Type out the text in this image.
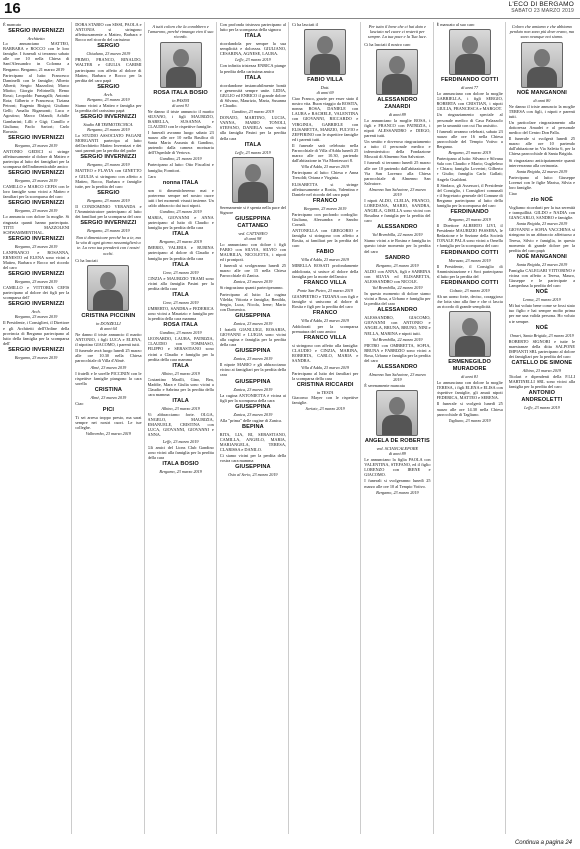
16	L'ECO DI BERGAMO
SABATO 23 MARZO 2019
È mancato
SERGIO INVERNIZZI
Architetto
Lo annunciano MATTEO, BARBARA e ROCCO con le loro famiglie. I funerali si terranno sabato alle ore 10 nella Chiesa di Sant'Alessandro in Colonna a Bergamo. Bergamo, 21 marzo 2019
Partecipano al lutto: Francesco Daminelli con le famiglie; Alberto Alberti; Sergio Mazzolini; Marco Miotto; Giorgio Feltrinelli; Remo Rossi; Leopoldo Fumagalli; Antonio Rota; Gilberto e Francesca; Tiziana Petroni; Eugenio Bisigni; Giuliano Gelli; Amalia Rigamonti; Luca e Agostino; Marco Orlandi; Achille Gambarini; Lilli e Gigi; Camillo e Giuliana; Paolo Sartori; Carlo Ravasio.
SERGIO INVERNIZZI
Bergamo, 23 marzo 2019
ANTONIO GEDICI si stringe affettuosamente al dolore di Matteo e partecipa al lutto dei famigliari per la scomparsa dell'indimenticabile amico
SERGIO INVERNIZZI
Bergamo, 23 marzo 2019
CAMILLO e MARCO CEFIS con le loro famiglie sono vicini a Matteo e familiari per la scomparsa del caro
SERGIO INVERNIZZI
Bergamo, 23 marzo 2019
Lo annuncia con dolore la moglie. Si ringrazia quanti hanno partecipato. TITTI MAZZOLENI SCHWAMMENTHAL.
SERGIO INVERNIZZI
Bergamo, 23 marzo 2019
LANFRANCO e ROSANNA, ERNESTO ed ELENA sono vicini a Matteo, Barbara e Rocco nel ricordo del caro
SERGIO INVERNIZZI
Bergamo, 23 marzo 2019
CAMILLO e VITTORIA CEFIS partecipano al dolore dei figli per la scomparsa dell'
SERGIO INVERNIZZI
Arch.
Bergamo, 23 marzo 2019
Il Presidente, i Consiglieri, il Direttore e gli Architetti dell'Ordine della provincia di Bergamo partecipano al lutto della famiglia per la scomparsa dell'
SERGIO INVERNIZZI
Bergamo, 23 marzo 2019
DORA STABIO con SISSI, PAOLA e ANTONIA si stringono affettuosamente a Matteo, Barbara e Rocco nel ricordo del carissimo
SERGIO
Chiuduno, 23 marzo 2019
PRIMO, FRANCO, RINALDO, WALTER e GIULIA CARIMI partecipano con affetto al dolore di Matteo, Barbara e Rocco per la perdita del caro papà
SERGIO
Arch.
Bergamo, 23 marzo 2019
Siamo vicini a Matteo e famiglia per la perdita del carissimo papà
SERGIO INVERNIZZI
Studio AB TERMOTECNICA. Bergamo, 23 marzo 2019
Lo STUDIO ASSOCIATO PAGANI MORGANTI partecipa al lutto dell'architetto Matteo Invernizzi e dei suoi parenti per la perdita del padre
SERGIO INVERNIZZI
Bergamo, 23 marzo 2019
MATTEO e FLAVIA con GINETTO e GIULIA si stringono con affetto a Matteo, Rocco, Barbara e famiglie tutte, per la perdita del caro
SERGIO
Bergamo, 23 marzo 2019
Il CONDOMINIO VERANDA e l'Amministratore partecipano al lutto dei familiari per la scomparsa del caro
SERGIO INVERNIZZI
Bergamo, 23 marzo 2019
Non ti dimenticare perché ho a te, ma la vita di ogni giorno rassomiglierà a te. La vera tua prenderà con i nostri occhi.
Ci ha lasciati
CRISTINA PICCININ
in DONZELLI
di anni 64
Ne danno il triste annuncio il marito ANTONIO, i figli LUCA e ELENA, il nipotino GIACOMO, i parenti tutti.
Il funerale avrà luogo lunedì 25 marzo alle ore 10.30 nella Chiesa parrocchiale di Villa d'Almè.
Almè, 23 marzo 2019
I fratelli e le sorelle PICCININ con le rispettive famiglie piangono la cara sorella
CRISTINA
Almè, 23 marzo 2019
Ciao
PICI
Ti sei arresa troppo presto, ma sarai sempre nei nostri cuori. Le tue colleghe.
Valbrembo, 23 marzo 2019
A tutti coloro che la conobbero e l'amarono, perché rimanga vivo il suo ricordo.
ROSA ITALA BOSIO
in PASINI
di anni 91
Ne danno il triste annuncio il marito SILVANO, i figli MAURIZIO, ISABELLA, SUSANNA e CLAUDIO con le rispettive famiglie.
I funerali avranno luogo sabato 23 marzo alle ore 10 nella Basilica di Santa Maria Assunta di Gandino, partendo dalla camera mortuaria dell'Ospedale di Vertova.
Gandino, 21 marzo 2019
Partecipano al lutto: Otto Fiscalini e famiglia; Fornitori.
Cara
nonna ITALA
non ti dimenticheremo mai e porteremo sempre nel nostro cuore tutti i bei momenti vissuti insieme. Un caldo abbraccio dai tuoi nipoti.
Gandino, 23 marzo 2019
MARIA, GIOVANNI e ANNA partecipano al lutto di Claudio e famiglia per la perdita della cara
ITALA
Bergamo, 23 marzo 2019
IMERIO, VALERIA e RUBINA partecipano al dolore di Claudio e famiglia per la perdita della cara
ITALA
Cene, 23 marzo 2019
CINZIA e MAURIZIO TRAMI sono vicini alla famiglia Pasini per la perdita della cara
ITALA
Cene, 23 marzo 2019
UMBERTO, SANDRA e FEDERICA sono vicini a Maurizio e famiglia per la perdita della cara mamma
ROSA ITALA
Gandino, 23 marzo 2019
LEONARDO, LAURA, PATRIZIA, CLAUDIO con TOMMASO, FILIPPO e SEBASTIANO sono vicini a Claudio e famiglia per la perdita della cara mamma
ITALA
Albino, 23 marzo 2019
Costantino Marilli, Gino, Bea, Maddie, Mara e Giulia sono vicini a Claudio e Sabrina per la perdita della cara mamma
ITALA
Albino, 23 marzo 2019
Vi abbracciamo forte. OLGA, ANGELO, MAURIZIA, EMANUELE, CRISTINA con LUCA, GIOVANNI, GIOVANNI e ANNA.
Leffe, 23 marzo 2019
Gli amici del Lions Club Gandino sono vicini alla famiglia per la perdita della cara
ITALA BOSIO
Bergamo, 23 marzo 2019
Con profonda tristezza partecipano al lutto per la scomparsa della signora
ITALA
ricordandola per sempre la sua semplicità e dolcezza. GIULIANO, CESARINA, AGNESE, LAURA.
Leffe, 23 marzo 2019
Con infinita tristezza ENRICA piange la perdita della carissima amica
ITALA
ricordandone instancabilmente bontà e generosità sempre unite. LIDIA, GIULIO ed ENRICO il grande dolore di Silvano, Maurizio, Maria, Susanna e Claudio.
Gandino, 23 marzo 2019
DONATO, MARTINO, LUCIA, VANNA, MARIO TONOLI, STEFANO, DANIELA sono vicini alla famiglia Pasini per la perdita della cara
ITALA
Leffe, 23 marzo 2019
Serenamente si è spenta nella pace del Signore
GIUSEPPINA CATTANEO
ved. CATTANEO
di anni 98
Lo annunciano con dolore i figli FABIO con SILVIA, SILVIO con MAURILIA, NICOLETTA, i nipoti ed i pronipoti.
I funerali si svolgeranno lunedì 25 marzo alle ore 15 nella Chiesa Parrocchiale di Zanica.
Zanica, 23 marzo 2019
Si ringraziano quanti parteciperanno.
Partecipano al lutto: La cugina Vilelda; Vittoria e famiglia; Benilda, Sergio, Luca, Nicola, Irene; Mario con Domenica.
GIUSEPPINA
Zanica, 23 marzo 2019
I fratelli GIANLUIGI, ROSARIA, GIOVANNI e LUIGIA sono vicini alla cugina e famiglia per la perdita della cara
GIUSEPPINA
Zanica, 23 marzo 2019
Il nipote MARIO e gli abbracciamo vicino ai famigliari per la perdita della cara
GIUSEPPINA
Zanica, 23 marzo 2019
La cugina ANTONIETTA è vicina ai figli per la scomparsa della cara
GIUSEPPINA
Zanica, 23 marzo 2019
Alla "prima" delle cugine di Zanica.
BEPINA
RITA, LIA, RI, SEBASTIANO, CAMILLA, ANGELO, MARIA, MARIANGELA, TERESA, CLARISSA e DANILO.
Ci siamo vicini per la perdita della vostra cara mamma
GIUSEPPINA
Osio al Serio, 23 marzo 2019
Ci ha lasciati il
FABIO VILLA
Dott.
di anni 69
Ciao Franco, grazie per esser stato il nostro vita. Buon viaggio da ROSITA, nonna ROSA, DANIELE con LAURA e RACHELE, VALENTINA con GIOVANNI, RICCARDO e VIRGINIA, GABRIELE con ELISABETTA, MARZIO, FULVIO e ZEFFIRINO con le rispettive famiglie ed i parenti tutti.
Il funerale sarà celebrato nella Parrocchiale di Villa d'Adda lunedì 25 marzo alle ore 10.30, partendo dall'abitazione in Via Montessori 8.
Villa d'Adda, 23 marzo 2019
Partecipano al lutto: Chiesa e Anna Tresoldi; Oriana e Virginia.
ELISABETTA si stringe affettuosamente a Rosita, Valentina e Daniele nel ricordo del caro papà
FRANCO
Bergamo, 23 marzo 2019
Partecipano con profondo cordoglio: Giuliana, Alessandra e Sandro Cornali.
ANTONELLA con GREGORIO e famiglia si stringono con affetto a Rosita, ai familiari per la perdita del caro
FABIO
Villa d'Adda, 23 marzo 2019
MIRELLA ROSATI profondamente addolorata, si unisce al dolore della famiglia per la morte dell'amico
FRANCO VILLA
Ponte San Pietro, 23 marzo 2019
GIANPIETRO e TIZIANA con figli e famiglie si uniscono al dolore di Rosita e figli per la perdita del caro
FRANCO
Villa d'Adda, 23 marzo 2019
Addolorati per la scomparsa prematura del caro amico
FRANCO VILLA
si stringono con affetto alla famiglia: CLAUDIO e CINZIA, MARINA, ROBERTA, CARLO, MARIA e SANDRA.
Villa d'Adda, 23 marzo 2019
Partecipano al lutto dei familiari per la scomparsa della cara
CRISTINA RICCARDI
in TESTA
Giacomo Mayer con le rispettive famiglie.
Seriate, 23 marzo 2019
Per tutto il bene che ci hai dato e lasciato nel cuore ci resterà per sempre. La tua pace e la Tua luce.
Ci ha lasciati il nostro caro
ALESSANDRO ZANARDI
di anni 89
Lo annunciano la moglie ROSA, i figli e FRANCO con PATRIZIA, i nipoti ALESSANDRO e DIEGO, parenti tutti.
Un sentito e doveroso ringraziamento a tutto il personale medico e infermieristico della Fondazione Moscati di Almenno San Salvatore.
I funerali si terranno lunedì 25 marzo alle ore 10 partendo dall'abitazione di Via San Lorenzo alla Chiesa parrocchiale di Almenno San Salvatore.
Almenno San Salvatore, 23 marzo 2019
I nipoti ALDO, CLELIA, FRANCO, LOREDANA, MARIO, SANDRA, ANGELA, GISELLA sono vicini con Rosalina e famiglia per la perdita del caro
ALESSANDRO
Val Brembilla, 22 marzo 2019
Siamo vicini a te Rosina e famiglia in questo triste momento per la perdita del caro
SANDRO
Bergamo, 23 marzo 2019
ALDO con ANNA, figli e SABRINA con SILVIA ed ELISABETTA, ALESSANDRO con NICOLE.
Val Brembilla, 22 marzo 2019
In questo momento di dolore siamo vicini a Rosa, a Urbano e famiglia per la perdita del caro
ALESSANDRO
ALESSANDRO, GIACOMO, GIOVANNI con ANTONIO e ANGELA, BRUNA, BRUNO, NINI e NELLA, MARINA e nipoti tutti.
Val Brembilla, 22 marzo 2019
PIETRO con OMBRETTA, SOFIA, BRUNA e FABRIZIO sono vicini a Rosa, Urbano e famiglia per la perdita del caro
ALESSANDRO
Almenno San Salvatore, 23 marzo 2019
È serenamente mancata
ANGELA DE ROBERTIS
ved. SCIANCALEPORE
di anni 89
Le annunciano la figlia PAOLA con VALENTINA, STEFANO, ed il figlio LORENZO con IRENE e GIACOMO.
I funerali si svolgeranno lunedì 25 marzo alle ore 10 al Tempio Votivo.
Bergamo, 23 marzo 2019
È mancato al suo caro
FERDINANDO COTTI
di anni 77
Lo annunciano con dolore la moglie GABRIELLA, i figli SERGIO, ROBERTA con CRISTIAN, i nipoti GIULIA, FRANCESCA e MARGOT.
Un ringraziamento speciale al personale medico di Casa Palazzolo per la umanità con cui l'ha assistito.
I funerali avranno celebrati, sabato 23 marzo alle ore 16 nella Chiesa parrocchiale del Tempio Votivo a Bergamo.
Bergamo, 23 marzo 2019
Partecipano al lutto: Silvano e Silvana Sala con Claudio e Mario; Guglielmo e Chiara; famiglia Loverini; Gilberto e Giulio; famiglia Carlo Gallati; Angelo Gualdoni.
Il Sindaco, gli Assessori, il Presidente del Consiglio, i Consiglieri comunali e il Segretario generale del Comune di Bergamo partecipano al lutto della famiglia per la scomparsa del caro
FERDINANDO
Bergamo, 23 marzo 2019
Il Direttore ALBERTO LIVI, il Presidente MAURIZIO PASSERA, le Redazione e le Sezione della Società TONALE PALA sono vicini a Ornella e famiglia per la scomparsa del caro
FERDINANDO COTTI
Morazzo, 23 marzo 2019
Il Presidente, il Consiglio di Amministrazione e i Soci partecipano al lutto per la perdita del
FERDINANDO COTTI
Colzate, 23 marzo 2019
Ah un uomo forte, deciso, coraggioso che lotta sino alla fine e che ci lascia un ricordo di grande semplicità.
ERMENEGILDO MURADORE
di anni 81
Lo annunciano con dolore la moglie TERESA, i figli ELENA e ELISA con rispettive famiglie, gli amati nipoti FEDERICA, MATTEO e SERENA.
Il funerale si svolgerà lunedì 25 marzo alle ore 14.30 nella Chiesa parrocchiale di Tagliuno.
Tagliuno, 23 marzo 2019
Coloro che amiamo e che abbiamo perduto non sono più dove erano, ma sono ovunque noi siamo.
NOÈ MANGANONI
di anni 80
Ne danno il triste annuncio la moglie TERESA con figli, i nipoti e parenti tutti.
Un particolare ringraziamento alla dottoressa Amadei e al personale medico del Centro Don Palla.
Il funerale si svolgerà lunedì 25 marzo alle ore 10 partendo dall'abitazione in Via Saletta 6, per la Chiesa parrocchiale di Santa Brigida.
Si ringraziano anticipatamente quanti interverranno alla cerimonia.
Santa Brigida, 22 marzo 2019
Partecipano al lutto: Giuseppe Lorenzi con le figlie Marisa, Silvia e loro famiglie.
Ciao
zio NOÈ
Vogliamo ricordarti per la tua serenità e tranquillità. GILDO e NADIA con GIANCARLO, SANDRO e famiglie.
Santa Brigida, 23 marzo 2019
GIOVANNI e SOFIA VACCHINA si stringono in un abbraccio affettuoso a Teresa, Silvio e famiglia, in questo momento di grande dolore per la perdita del caro papà
NOÈ MANGANONI
Santa Brigida, 23 marzo 2019
Famiglia CALEGARI VITTORINO è vicina con affetto a Teresa, Mauro, Giuseppe e le partecipate a Lampedusa la perdita del caro
NOÈ
Lenna, 23 marzo 2019
Mi hai voluto bene come se fossi stato tuo figlio e hai sempre molto prima per me una valida persona. Ho voluto a te sempre.
NOÈ
Omari, Santa Brigida, 23 marzo 2019
ROBERTO SIGNORI e tutte le maestranze della ditta SALPONE IMPIANTI SRL partecipano al dolore dei famigliari per la perdita del caro
CATELLO DE SIMONE
Albino, 23 marzo 2019
Titolari e dipendenti della F.LLI MARTINELLI SRL sono vicini alla famiglia per la perdita del caro
ANTONIO ANDREOLETTI
Leffe, 23 marzo 2019
Continua a pagina 24
